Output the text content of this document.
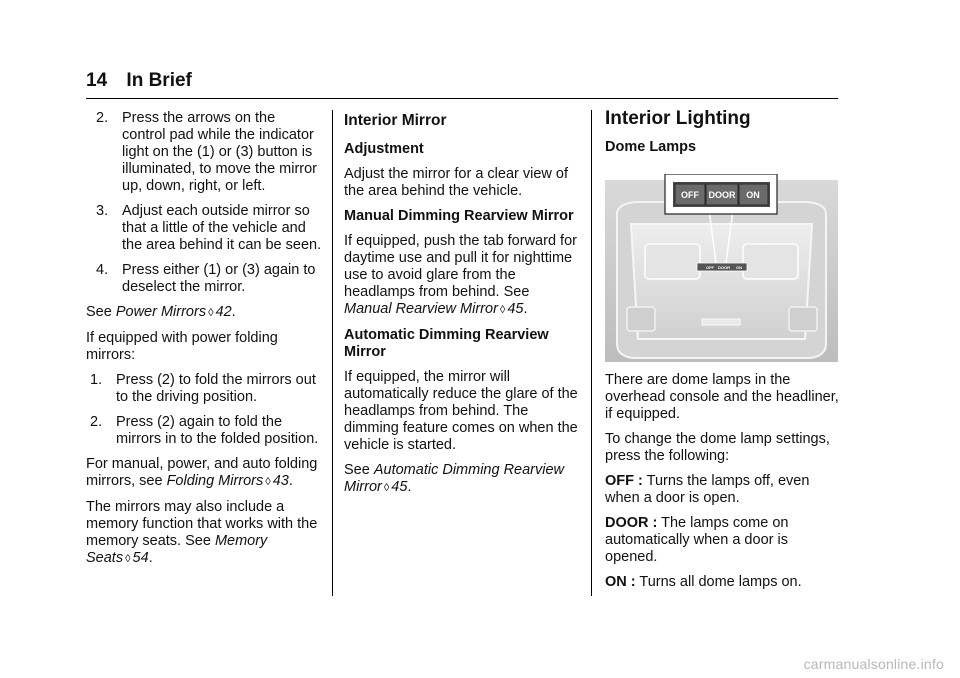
14 In Brief
2. Press the arrows on the control pad while the indicator light on the (1) or (3) button is illuminated, to move the mirror up, down, right, or left.
3. Adjust each outside mirror so that a little of the vehicle and the area behind it can be seen.
4. Press either (1) or (3) again to deselect the mirror.

See Power Mirrors ◊ 42.

If equipped with power folding mirrors:

1. Press (2) to fold the mirrors out to the driving position.
2. Press (2) again to fold the mirrors in to the folded position.

For manual, power, and auto folding mirrors, see Folding Mirrors ◊ 43.

The mirrors may also include a memory function that works with the memory seats. See Memory Seats ◊ 54.

Interior Mirror

Adjustment

Adjust the mirror for a clear view of the area behind the vehicle.

Manual Dimming Rearview Mirror

If equipped, push the tab forward for daytime use and pull it for nighttime use to avoid glare from the headlamps from behind. See Manual Rearview Mirror ◊ 45.

Automatic Dimming Rearview Mirror

If equipped, the mirror will automatically reduce the glare of the headlamps from behind. The dimming feature comes on when the vehicle is started.

See Automatic Dimming Rearview Mirror ◊ 45.

Interior Lighting

Dome Lamps

OFF DOOR ON
OFF DOOR ON

There are dome lamps in the overhead console and the headliner, if equipped.

To change the dome lamp settings, press the following:

OFF : Turns the lamps off, even when a door is open.

DOOR : The lamps come on automatically when a door is opened.

ON : Turns all dome lamps on.

carmanualsonline.info
